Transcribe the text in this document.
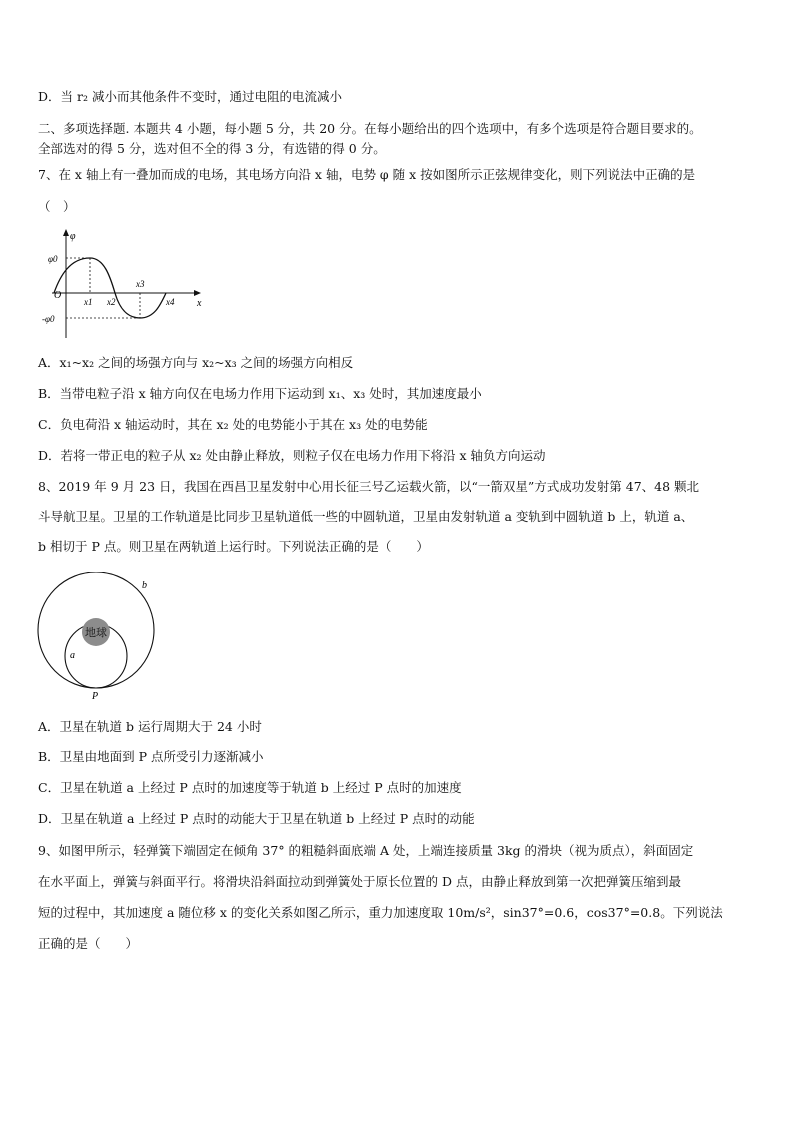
D．当 r₂ 减小而其他条件不变时，通过电阻的电流减小
二、多项选择题. 本题共 4 小题，每小题 5 分，共 20 分。在每小题给出的四个选项中，有多个选项是符合题目要求的。
全部选对的得 5 分，选对但不全的得 3 分，有选错的得 0 分。
7、在 x 轴上有一叠加而成的电场，其电场方向沿 x 轴，电势 φ 随 x 按如图所示正弦规律变化，则下列说法中正确的是
（　）
φ
x
O
φ0
-φ0
x1 x2
x3
x4
A．x₁~x₂ 之间的场强方向与 x₂~x₃ 之间的场强方向相反
B．当带电粒子沿 x 轴方向仅在电场力作用下运动到 x₁、x₃ 处时，其加速度最小
C．负电荷沿 x 轴运动时，其在 x₂ 处的电势能小于其在 x₃ 处的电势能
D．若将一带正电的粒子从 x₂ 处由静止释放，则粒子仅在电场力作用下将沿 x 轴负方向运动
8、2019 年 9 月 23 日，我国在西昌卫星发射中心用长征三号乙运载火箭，以“一箭双星”方式成功发射第 47、48 颗北
斗导航卫星。卫星的工作轨道是比同步卫星轨道低一些的中圆轨道，卫星由发射轨道 a 变轨到中圆轨道 b 上，轨道 a、
b 相切于 P 点。则卫星在两轨道上运行时。下列说法正确的是（　　）
地球
b
a
P
A．卫星在轨道 b 运行周期大于 24 小时
B．卫星由地面到 P 点所受引力逐渐减小
C．卫星在轨道 a 上经过 P 点时的加速度等于轨道 b 上经过 P 点时的加速度
D．卫星在轨道 a 上经过 P 点时的动能大于卫星在轨道 b 上经过 P 点时的动能
9、如图甲所示，轻弹簧下端固定在倾角 37° 的粗糙斜面底端 A 处，上端连接质量 3kg 的滑块（视为质点），斜面固定
在水平面上，弹簧与斜面平行。将滑块沿斜面拉动到弹簧处于原长位置的 D 点，由静止释放到第一次把弹簧压缩到最
短的过程中，其加速度 a 随位移 x 的变化关系如图乙所示，重力加速度取 10m/s²，sin37°=0.6，cos37°=0.8。下列说法
正确的是（　　）
